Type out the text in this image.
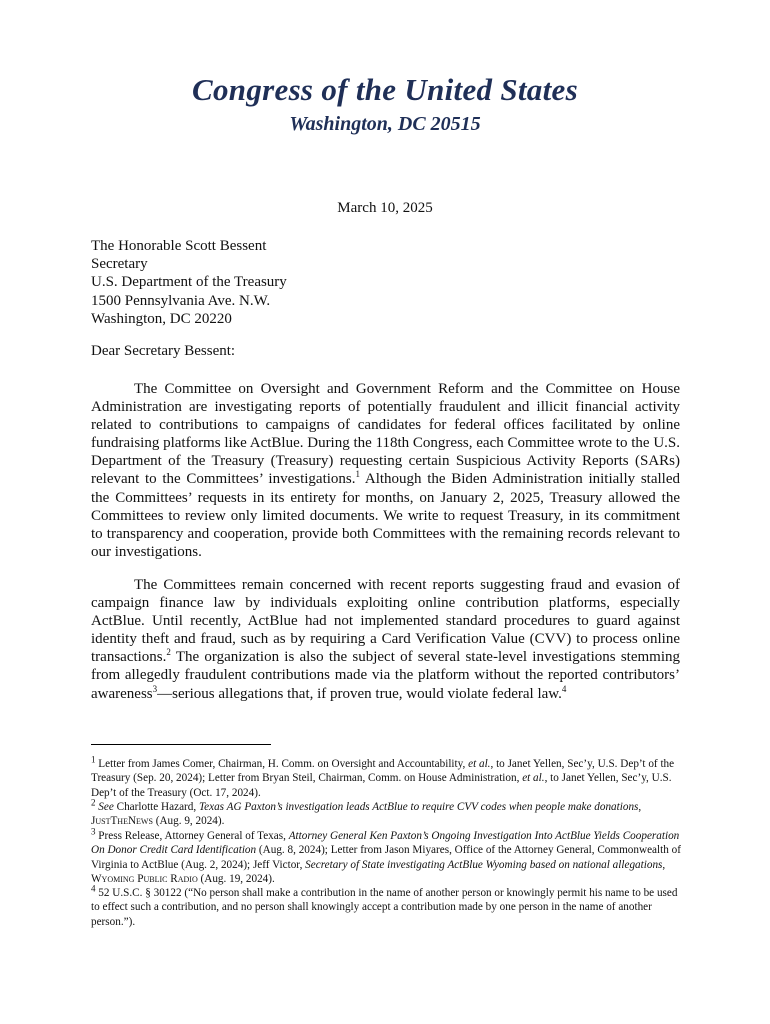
Congress of the United States
Washington, DC 20515
March 10, 2025
The Honorable Scott Bessent
Secretary
U.S. Department of the Treasury
1500 Pennsylvania Ave. N.W.
Washington, DC 20220
Dear Secretary Bessent:
The Committee on Oversight and Government Reform and the Committee on House Administration are investigating reports of potentially fraudulent and illicit financial activity related to contributions to campaigns of candidates for federal offices facilitated by online fundraising platforms like ActBlue. During the 118th Congress, each Committee wrote to the U.S. Department of the Treasury (Treasury) requesting certain Suspicious Activity Reports (SARs) relevant to the Committees’ investigations.$^1$ Although the Biden Administration initially stalled the Committees’ requests in its entirety for months, on January 2, 2025, Treasury allowed the Committees to review only limited documents. We write to request Treasury, in its commitment to transparency and cooperation, provide both Committees with the remaining records relevant to our investigations.
The Committees remain concerned with recent reports suggesting fraud and evasion of campaign finance law by individuals exploiting online contribution platforms, especially ActBlue. Until recently, ActBlue had not implemented standard procedures to guard against identity theft and fraud, such as by requiring a Card Verification Value (CVV) to process online transactions.$^2$ The organization is also the subject of several state-level investigations stemming from allegedly fraudulent contributions made via the platform without the reported contributors’ awareness$^3$—serious allegations that, if proven true, would violate federal law.$^4$
$^1$ Letter from James Comer, Chairman, H. Comm. on Oversight and Accountability, et al., to Janet Yellen, Sec’y, U.S. Dep’t of the Treasury (Sep. 20, 2024); Letter from Bryan Steil, Chairman, Comm. on House Administration, et al., to Janet Yellen, Sec’y, U.S. Dep’t of the Treasury (Oct. 17, 2024).
$^2$ See Charlotte Hazard, Texas AG Paxton’s investigation leads ActBlue to require CVV codes when people make donations, JustTheNews (Aug. 9, 2024).
$^3$ Press Release, Attorney General of Texas, Attorney General Ken Paxton’s Ongoing Investigation Into ActBlue Yields Cooperation On Donor Credit Card Identification (Aug. 8, 2024); Letter from Jason Miyares, Office of the Attorney General, Commonwealth of Virginia to ActBlue (Aug. 2, 2024); Jeff Victor, Secretary of State investigating ActBlue Wyoming based on national allegations, Wyoming Public Radio (Aug. 19, 2024).
$^4$ 52 U.S.C. § 30122 (“No person shall make a contribution in the name of another person or knowingly permit his name to be used to effect such a contribution, and no person shall knowingly accept a contribution made by one person in the name of another person.”).
